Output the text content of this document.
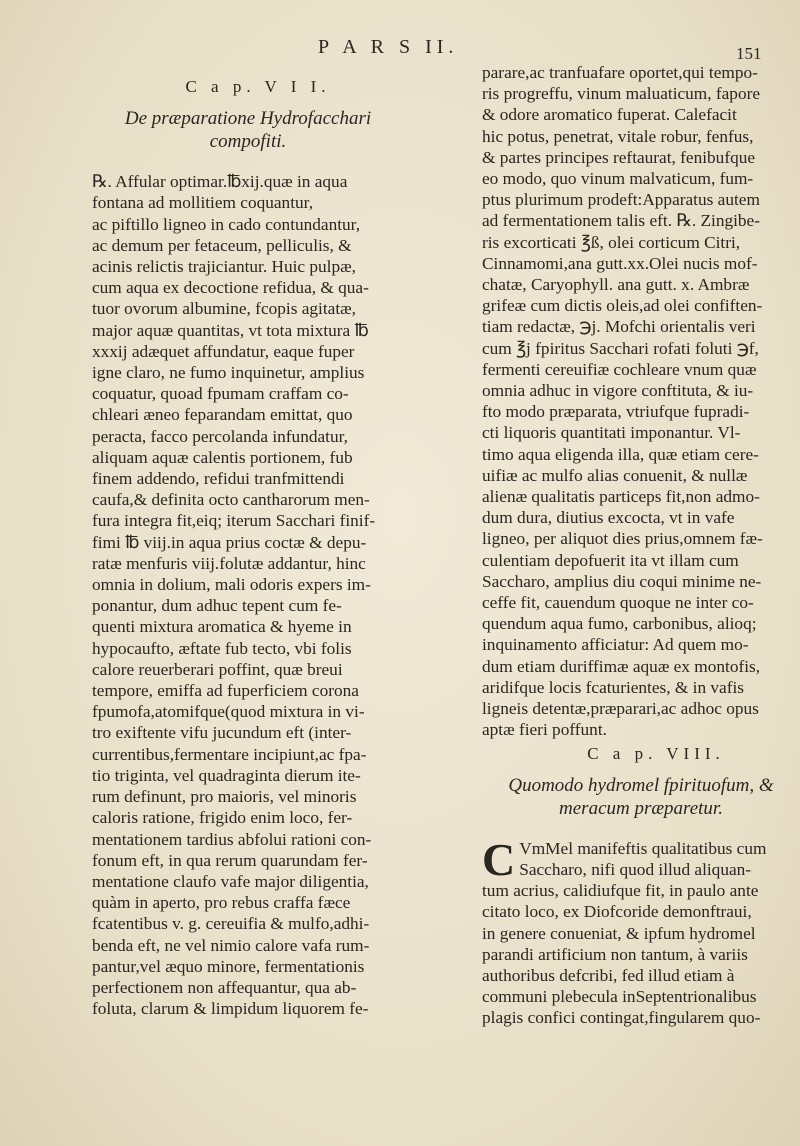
P A R S II.	151
C a p. V I I.
De præparatione Hydrofacchari
compofiti.
℞. Affular optimar.℔xij.quæ in aqua
fontana ad mollitiem coquantur,
ac piftillo ligneo in cado contundantur,
ac demum per fetaceum, pelliculis, &
acinis relictis trajiciantur. Huic pulpæ,
cum aqua ex decoctione refidua, & qua-
tuor ovorum albumine, fcopis agitatæ,
major aquæ quantitas, vt tota mixtura ℔
xxxij adæquet affundatur, eaque fuper
igne claro, ne fumo inquinetur, amplius
coquatur, quoad fpumam craffam co-
chleari æneo feparandam emittat, quo
peracta, facco percolanda infundatur,
aliquam aquæ calentis portionem, fub
finem addendo, refidui tranfmittendi
caufa,& definita octo cantharorum men-
fura integra fit,eiq; iterum Sacchari finif-
fimi ℔ viij.in aqua prius coctæ & depu-
ratæ menfuris viij.folutæ addantur, hinc
omnia in dolium, mali odoris expers im-
ponantur, dum adhuc tepent cum fe-
quenti mixtura aromatica & hyeme in
hypocaufto, æftate fub tecto, vbi folis
calore reuerberari poffint, quæ breui
tempore, emiffa ad fuperficiem corona
fpumofa,atomifque(quod mixtura in vi-
tro exiftente vifu jucundum eft (inter-
currentibus,fermentare incipiunt,ac fpa-
tio triginta, vel quadraginta dierum ite-
rum definunt, pro maioris, vel minoris
caloris ratione, frigido enim loco, fer-
mentationem tardius abfolui rationi con-
fonum eft, in qua rerum quarundam fer-
mentatione claufo vafe major diligentia,
quàm in aperto, pro rebus craffa fæce
fcatentibus v. g. cereuifia & mulfo,adhi-
benda eft, ne vel nimio calore vafa rum-
pantur,vel æquo minore, fermentationis
perfectionem non affequantur, qua ab-
foluta, clarum & limpidum liquorem fe-
parare,ac tranfuafare oportet,qui tempo-
ris progreffu, vinum maluaticum, fapore
& odore aromatico fuperat. Calefacit
hic potus, penetrat, vitale robur, fenfus,
& partes principes reftaurat, fenibufque
eo modo, quo vinum malvaticum, fum-
ptus plurimum prodeft:Apparatus autem
ad fermentationem talis eft. ℞. Zingibe-
ris excorticati ℥ß, olei corticum Citri,
Cinnamomi,ana gutt.xx.Olei nucis mof-
chatæ, Caryophyll. ana gutt. x. Ambræ
grifeæ cum dictis oleis,ad olei confiften-
tiam redactæ, ℈j. Mofchi orientalis veri
cum ℥j fpiritus Sacchari rofati foluti ℈f,
fermenti cereuifiæ cochleare vnum quæ
omnia adhuc in vigore conftituta, & iu-
fto modo præparata, vtriufque fupradi-
cti liquoris quantitati imponantur. Vl-
timo aqua eligenda illa, quæ etiam cere-
uifiæ ac mulfo alias conuenit, & nullæ
alienæ qualitatis particeps fit,non admo-
dum dura, diutius excocta, vt in vafe
ligneo, per aliquot dies prius,omnem fæ-
culentiam depofuerit ita vt illam cum
Saccharo, amplius diu coqui minime ne-
ceffe fit, cauendum quoque ne inter co-
quendum aqua fumo, carbonibus, alioq;
inquinamento afficiatur: Ad quem mo-
dum etiam duriffimæ aquæ ex montofis,
aridifque locis fcaturientes, & in vafis
ligneis detentæ,præparari,ac adhoc opus
aptæ fieri poffunt.
C a p. VIII.
Quomodo hydromel fpirituofum, &
meracum præparetur.
C VmMel manifeftis qualitatibus cum
Saccharo, nifi quod illud aliquan-
tum acrius, calidiufque fit, in paulo ante
citato loco, ex Diofcoride demonftraui,
in genere conueniat, & ipfum hydromel
parandi artificium non tantum, à variis
authoribus defcribi, fed illud etiam à
communi plebecula inSeptentrionalibus
plagis confici contingat,fingularem quo-
